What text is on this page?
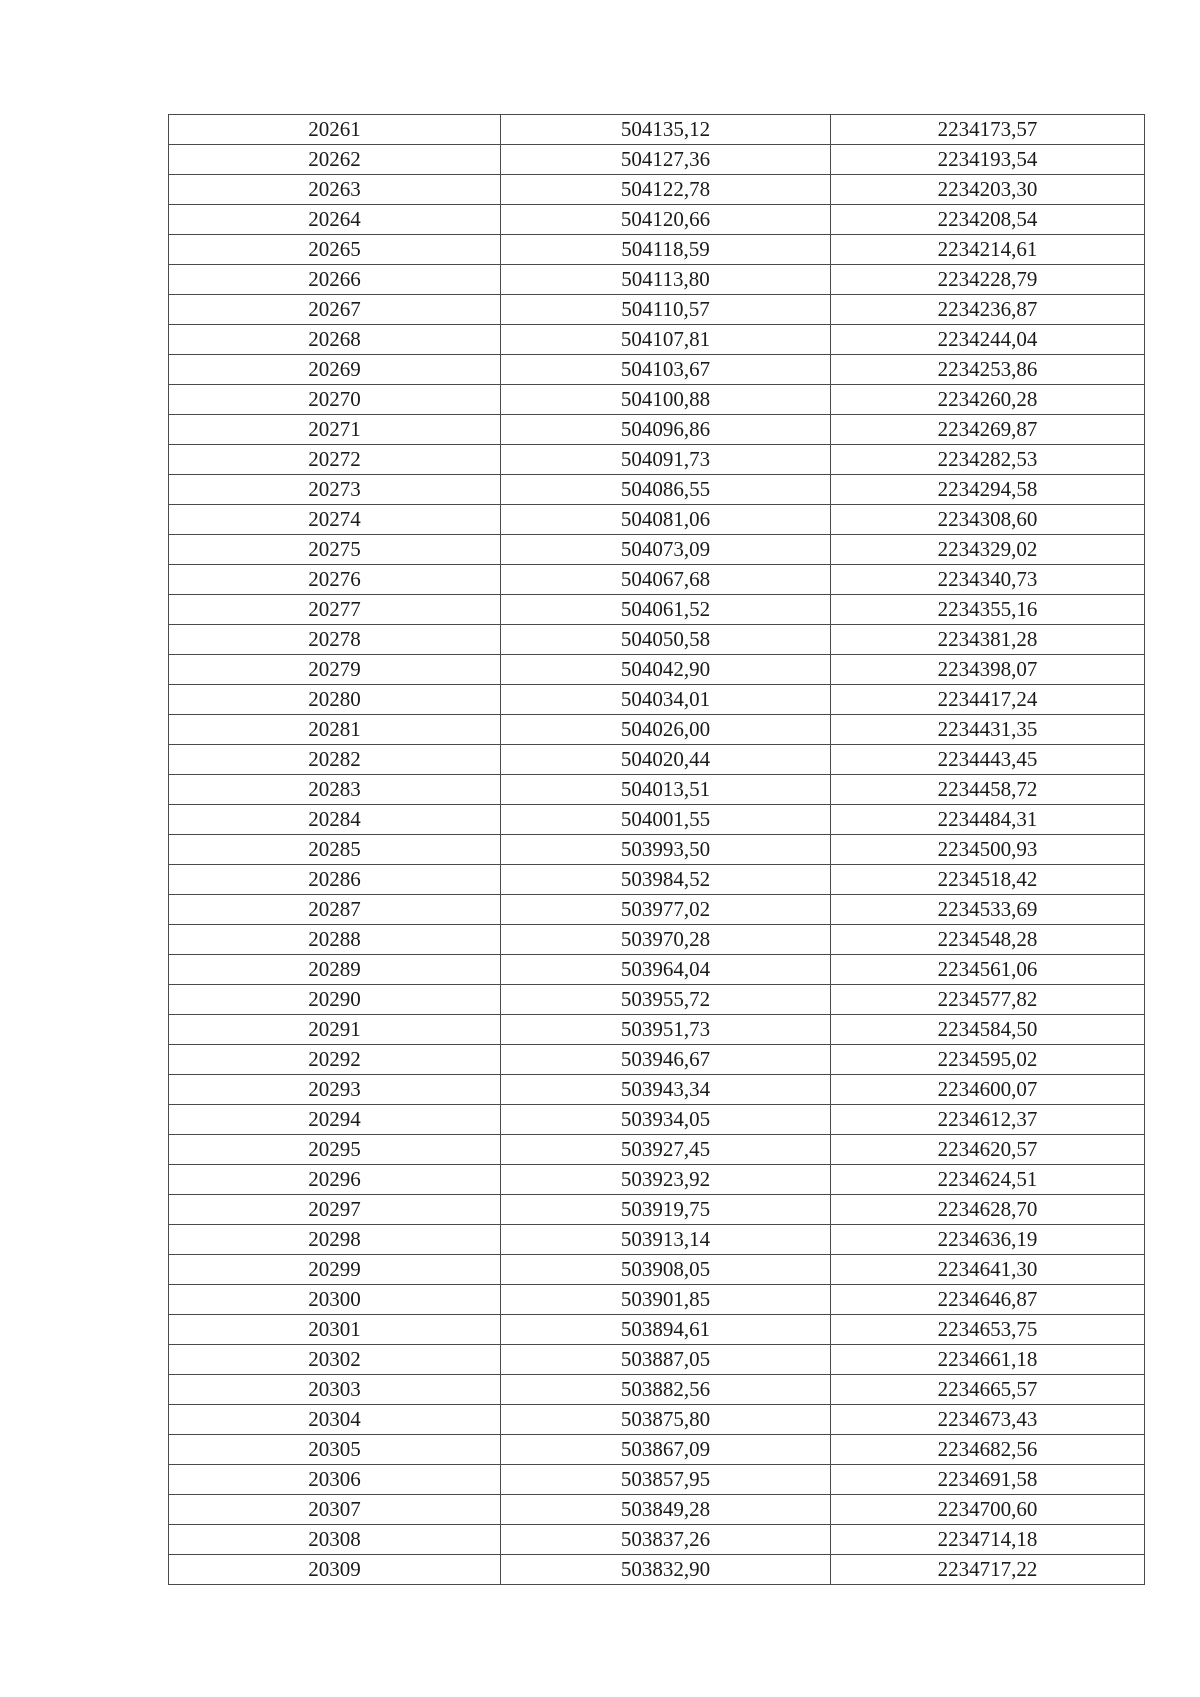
20261	504135,12	2234173,57
20262	504127,36	2234193,54
20263	504122,78	2234203,30
20264	504120,66	2234208,54
20265	504118,59	2234214,61
20266	504113,80	2234228,79
20267	504110,57	2234236,87
20268	504107,81	2234244,04
20269	504103,67	2234253,86
20270	504100,88	2234260,28
20271	504096,86	2234269,87
20272	504091,73	2234282,53
20273	504086,55	2234294,58
20274	504081,06	2234308,60
20275	504073,09	2234329,02
20276	504067,68	2234340,73
20277	504061,52	2234355,16
20278	504050,58	2234381,28
20279	504042,90	2234398,07
20280	504034,01	2234417,24
20281	504026,00	2234431,35
20282	504020,44	2234443,45
20283	504013,51	2234458,72
20284	504001,55	2234484,31
20285	503993,50	2234500,93
20286	503984,52	2234518,42
20287	503977,02	2234533,69
20288	503970,28	2234548,28
20289	503964,04	2234561,06
20290	503955,72	2234577,82
20291	503951,73	2234584,50
20292	503946,67	2234595,02
20293	503943,34	2234600,07
20294	503934,05	2234612,37
20295	503927,45	2234620,57
20296	503923,92	2234624,51
20297	503919,75	2234628,70
20298	503913,14	2234636,19
20299	503908,05	2234641,30
20300	503901,85	2234646,87
20301	503894,61	2234653,75
20302	503887,05	2234661,18
20303	503882,56	2234665,57
20304	503875,80	2234673,43
20305	503867,09	2234682,56
20306	503857,95	2234691,58
20307	503849,28	2234700,60
20308	503837,26	2234714,18
20309	503832,90	2234717,22
